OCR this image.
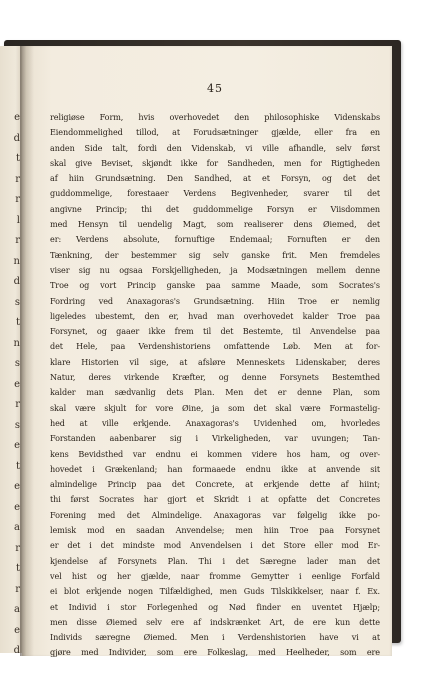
e
d
t
r
r
l
r
n
d
s
t
n
s
e
r
s
e
t
e
e
a
r
t
r
a
e
d
45
religiøse Form, hvis overhovedet den philosophiske Videnskabs
Eiendommelighed tillod, at Forudsætninger gjælde, eller fra en
anden Side talt, fordi den Videnskab, vi ville afhandle, selv først
skal give Beviset, skjøndt ikke for Sandheden, men for Rigtigheden
af hiin Grundsætning. Den Sandhed, at et Forsyn, og det det
guddommelige, forestaaer Verdens Begivenheder, svarer til det
angivne Princip; thi det guddommelige Forsyn er Viisdommen
med Hensyn til uendelig Magt, som realiserer dens Øiemed, det
er: Verdens absolute, fornuftige Endemaal; Fornuften er den
Tænkning, der bestemmer sig selv ganske frit. Men fremdeles
viser sig nu ogsaa Forskjelligheden, ja Modsætningen mellem denne
Troe og vort Princip ganske paa samme Maade, som Socrates's
Fordring ved Anaxagoras's Grundsætning. Hiin Troe er nemlig
ligeledes ubestemt, den er, hvad man overhovedet kalder Troe paa
Forsynet, og gaaer ikke frem til det Bestemte, til Anvendelse paa
det Hele, paa Verdenshistoriens omfattende Løb. Men at for-
klare Historien vil sige, at afsløre Menneskets Lidenskaber, deres
Natur, deres virkende Kræfter, og denne Forsynets Bestemthed
kalder man sædvanlig dets Plan. Men det er denne Plan, som
skal være skjult for vore Øine, ja som det skal være Formastelig-
hed at ville erkjende. Anaxagoras's Uvidenhed om, hvorledes
Forstanden aabenbarer sig i Virkeligheden, var uvungen; Tan-
kens Bevidsthed var endnu ei kommen videre hos ham, og over-
hovedet i Grækenland; han formaaede endnu ikke at anvende sit
almindelige Princip paa det Concrete, at erkjende dette af hiint;
thi først Socrates har gjort et Skridt i at opfatte det Concretes
Forening med det Almindelige. Anaxagoras var følgelig ikke po-
lemisk mod en saadan Anvendelse; men hiin Troe paa Forsynet
er det i det mindste mod Anvendelsen i det Store eller mod Er-
kjendelse af Forsynets Plan. Thi i det Særegne lader man det
vel hist og her gjælde, naar fromme Gemytter i eenlige Forfald
ei blot erkjende nogen Tilfældighed, men Guds Tilskikkelser, naar f. Ex.
et Individ i stor Forlegenhed og Nød finder en uventet Hjælp;
men disse Øiemed selv ere af indskrænket Art, de ere kun dette
Individs særegne Øiemed. Men i Verdenshistorien have vi at
gjøre med Individer, som ere Folkeslag, med Heelheder, som ere
